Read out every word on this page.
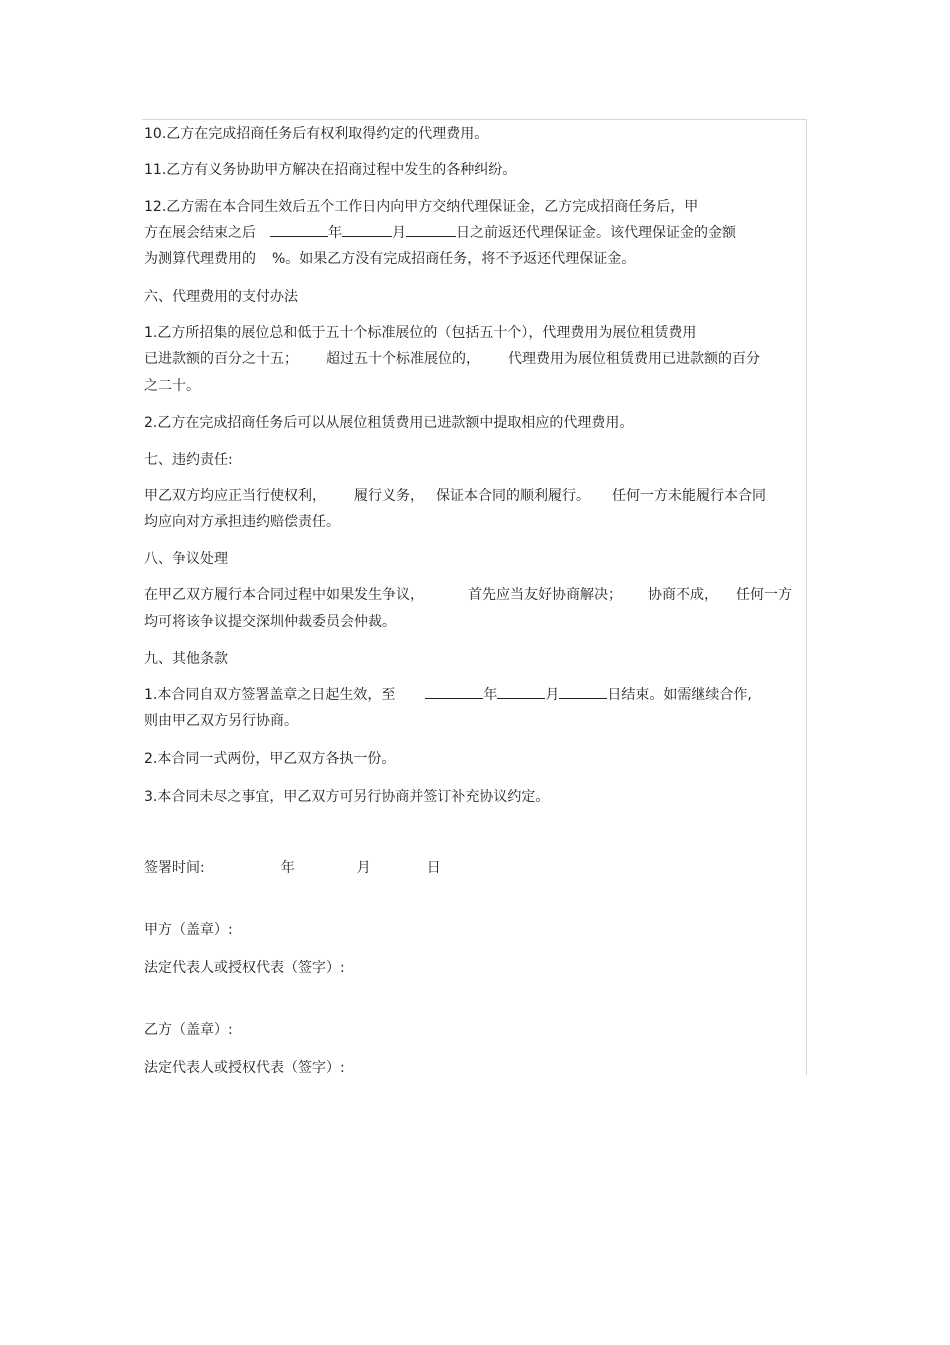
10.乙方在完成招商任务后有权利取得约定的代理费用。
11.乙方有义务协助甲方解决在招商过程中发生的各种纠纷。
12.乙方需在本合同生效后五个工作日内向甲方交纳代理保证金，乙方完成招商任务后，甲
方在展会结束之后	年	月	日之前返还代理保证金。该代理保证金的金额
为测算代理费用的 %。如果乙方没有完成招商任务，将不予返还代理保证金。
六、代理费用的支付办法
1.乙方所招集的展位总和低于五十个标准展位的（包括五十个），代理费用为展位租赁费用
已进款额的百分之十五； 超过五十个标准展位的， 代理费用为展位租赁费用已进款额的百分
之二十。
2.乙方在完成招商任务后可以从展位租赁费用已进款额中提取相应的代理费用。
七、违约责任:
甲乙双方均应正当行使权利， 履行义务， 保证本合同的顺利履行。 任何一方未能履行本合同
均应向对方承担违约赔偿责任。
八、争议处理
在甲乙双方履行本合同过程中如果发生争议，	首先应当友好协商解决； 协商不成， 任何一方
均可将该争议提交深圳仲裁委员会仲裁。
九、其他条款
1.本合同自双方签署盖章之日起生效，至	年	月	日结束。如需继续合作,
则由甲乙双方另行协商。
2.本合同一式两份，甲乙双方各执一份。
3.本合同未尽之事宜，甲乙双方可另行协商并签订补充协议约定。
签署时间:	年	月	日
甲方（盖章）:
法定代表人或授权代表（签字）:
乙方（盖章）:
法定代表人或授权代表（签字）:
